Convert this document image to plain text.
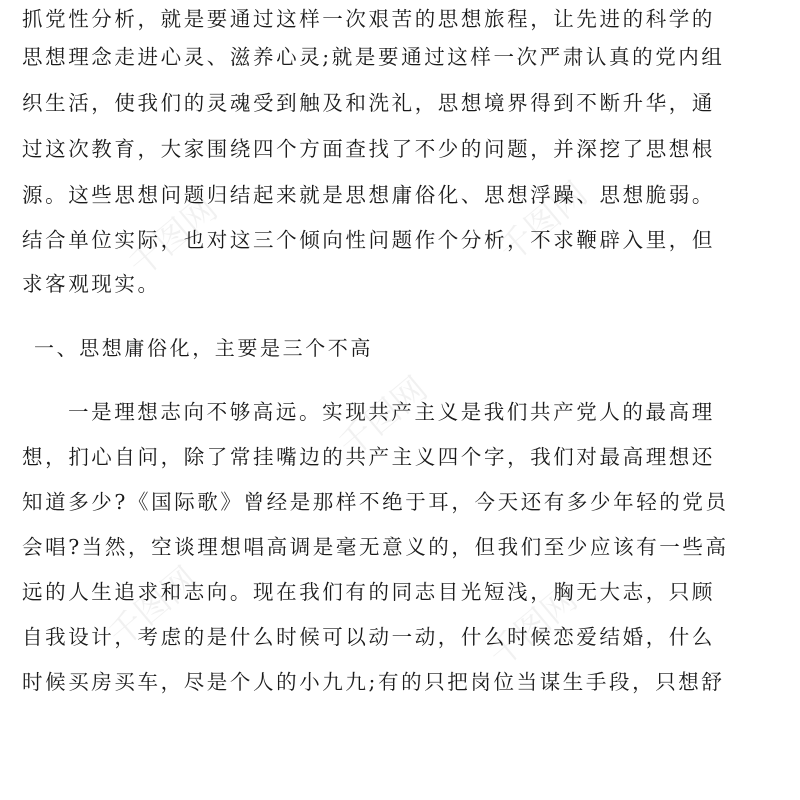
千图网	千图网
千图网
千图网	千图网
抓党性分析，就是要通过这样一次艰苦的思想旅程，让先进的科学的
思想理念走进心灵、滋养心灵;就是要通过这样一次严肃认真的党内组
织生活，使我们的灵魂受到触及和洗礼，思想境界得到不断升华，通
过这次教育，大家围绕四个方面查找了不少的问题，并深挖了思想根
源。这些思想问题归结起来就是思想庸俗化、思想浮躁、思想脆弱。
结合单位实际，也对这三个倾向性问题作个分析，不求鞭辟入里，但
求客观现实。
一、思想庸俗化，主要是三个不高
一是理想志向不够高远。实现共产主义是我们共产党人的最高理
想，扪心自问，除了常挂嘴边的共产主义四个字，我们对最高理想还
知道多少?《国际歌》曾经是那样不绝于耳，今天还有多少年轻的党员
会唱?当然，空谈理想唱高调是毫无意义的，但我们至少应该有一些高
远的人生追求和志向。现在我们有的同志目光短浅，胸无大志，只顾
自我设计，考虑的是什么时候可以动一动，什么时候恋爱结婚，什么
时候买房买车，尽是个人的小九九;有的只把岗位当谋生手段，只想舒
